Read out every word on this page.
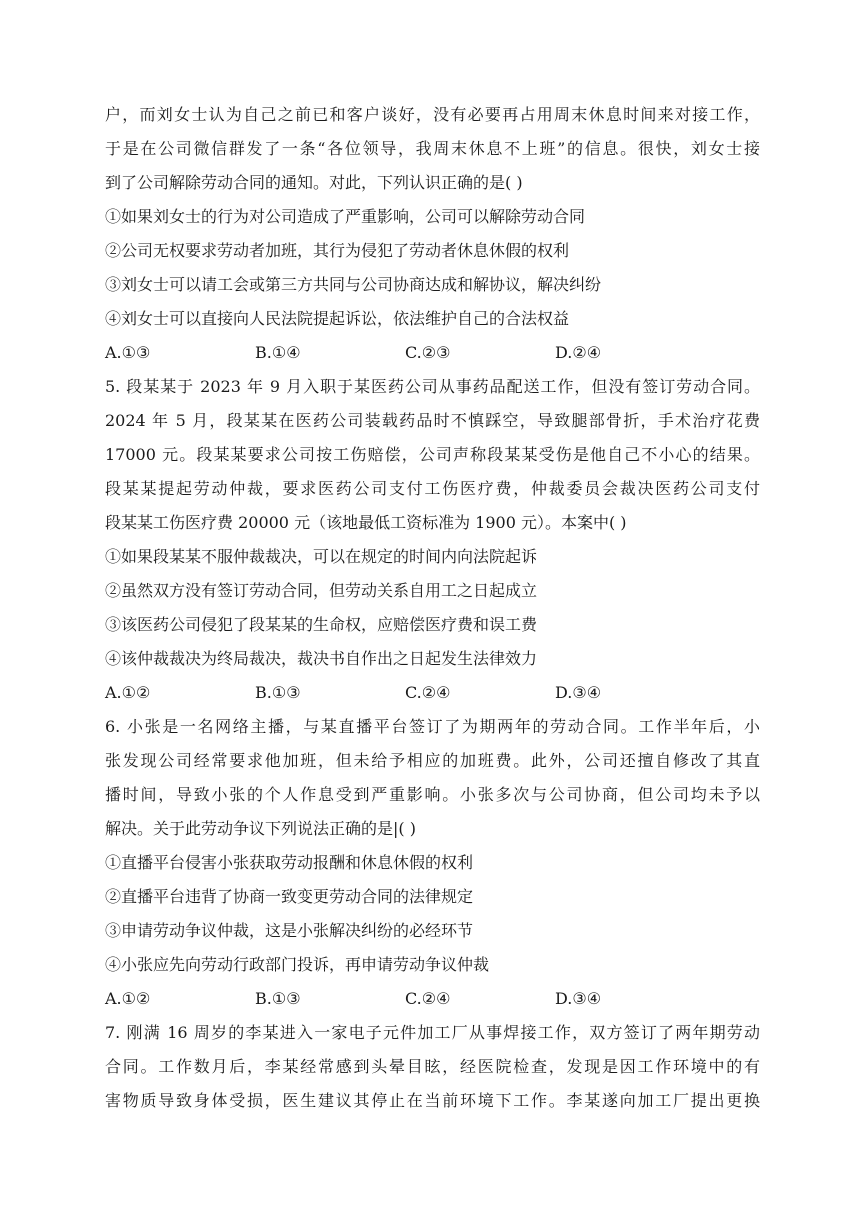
户，而刘女士认为自己之前已和客户谈好，没有必要再占用周末休息时间来对接工作，
于是在公司微信群发了一条“各位领导，我周末休息不上班”的信息。很快，刘女士接
到了公司解除劳动合同的通知。对此，下列认识正确的是( )
①如果刘女士的行为对公司造成了严重影响，公司可以解除劳动合同
②公司无权要求劳动者加班，其行为侵犯了劳动者休息休假的权利
③刘女士可以请工会或第三方共同与公司协商达成和解协议，解决纠纷
④刘女士可以直接向人民法院提起诉讼，依法维护自己的合法权益
A.①③	B.①④	C.②③	D.②④
5. 段某某于 2023 年 9 月入职于某医药公司从事药品配送工作，但没有签订劳动合同。
2024 年 5 月，段某某在医药公司装载药品时不慎踩空，导致腿部骨折，手术治疗花费
17000 元。段某某要求公司按工伤赔偿，公司声称段某某受伤是他自己不小心的结果。
段某某提起劳动仲裁，要求医药公司支付工伤医疗费，仲裁委员会裁决医药公司支付
段某某工伤医疗费 20000 元（该地最低工资标准为 1900 元）。本案中( )
①如果段某某不服仲裁裁决，可以在规定的时间内向法院起诉
②虽然双方没有签订劳动合同，但劳动关系自用工之日起成立
③该医药公司侵犯了段某某的生命权，应赔偿医疗费和误工费
④该仲裁裁决为终局裁决，裁决书自作出之日起发生法律效力
A.①②	B.①③	C.②④	D.③④
6. 小张是一名网络主播，与某直播平台签订了为期两年的劳动合同。工作半年后，小
张发现公司经常要求他加班，但未给予相应的加班费。此外，公司还擅自修改了其直
播时间，导致小张的个人作息受到严重影响。小张多次与公司协商，但公司均未予以
解决。关于此劳动争议下列说法正确的是|( )
①直播平台侵害小张获取劳动报酬和休息休假的权利
②直播平台违背了协商一致变更劳动合同的法律规定
③申请劳动争议仲裁，这是小张解决纠纷的必经环节
④小张应先向劳动行政部门投诉，再申请劳动争议仲裁
A.①②	B.①③	C.②④	D.③④
7. 刚满 16 周岁的李某进入一家电子元件加工厂从事焊接工作，双方签订了两年期劳动
合同。工作数月后，李某经常感到头晕目眩，经医院检查，发现是因工作环境中的有
害物质导致身体受损，医生建议其停止在当前环境下工作。李某遂向加工厂提出更换
